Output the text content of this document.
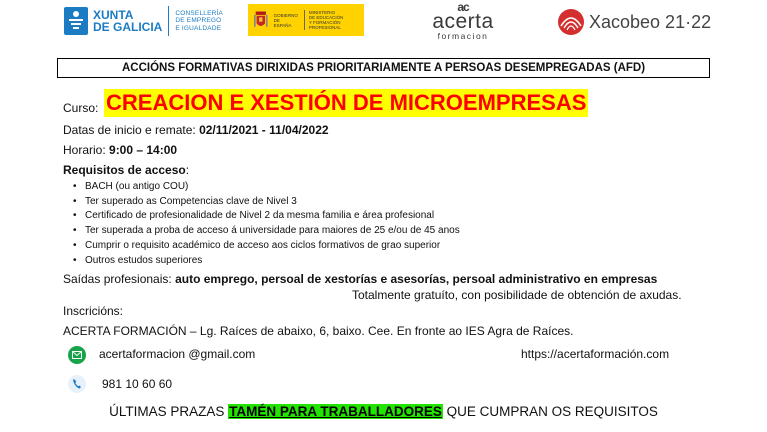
XUNTA
DE GALICIA
CONSELLERÍA
DE EMPREGO
E IGUALDADE
GOBIERNO
DE ESPAÑA
MINISTERIO
DE EDUCACIÓN
Y FORMACIÓN PROFESIONAL
ac
acerta
formacion
Xacobeo 21·22
ACCIÓNS FORMATIVAS DIRIXIDAS PRIORITARIAMENTE A PERSOAS DESEMPREGADAS (AFD)
Curso: CREACION E XESTIÓN DE MICROEMPRESAS
Datas de inicio e remate: 02/11/2021 - 11/04/2022
Horario: 9:00 – 14:00
Requisitos de acceso:
• BACH (ou antigo COU)
• Ter superado as Competencias clave de Nivel 3
• Certificado de profesionalidade de Nivel 2 da mesma familia e área profesional
• Ter superada a proba de acceso á universidade para maiores de 25 e/ou de 45 anos
• Cumprir o requisito académico de acceso aos ciclos formativos de grao superior
• Outros estudos superiores
Saídas profesionais: auto emprego, persoal de xestorías e asesorías, persoal administrativo en empresas
Totalmente gratuíto, con posibilidade de obtención de axudas.
Inscricións:
ACERTA FORMACIÓN – Lg. Raíces de abaixo, 6, baixo. Cee. En fronte ao IES Agra de Raíces.
acertaformacion @gmail.com	https://acertaformación.com
981 10 60 60
ÚLTIMAS PRAZAS TAMÉN PARA TRABALLADORES QUE CUMPRAN OS REQUISITOS
